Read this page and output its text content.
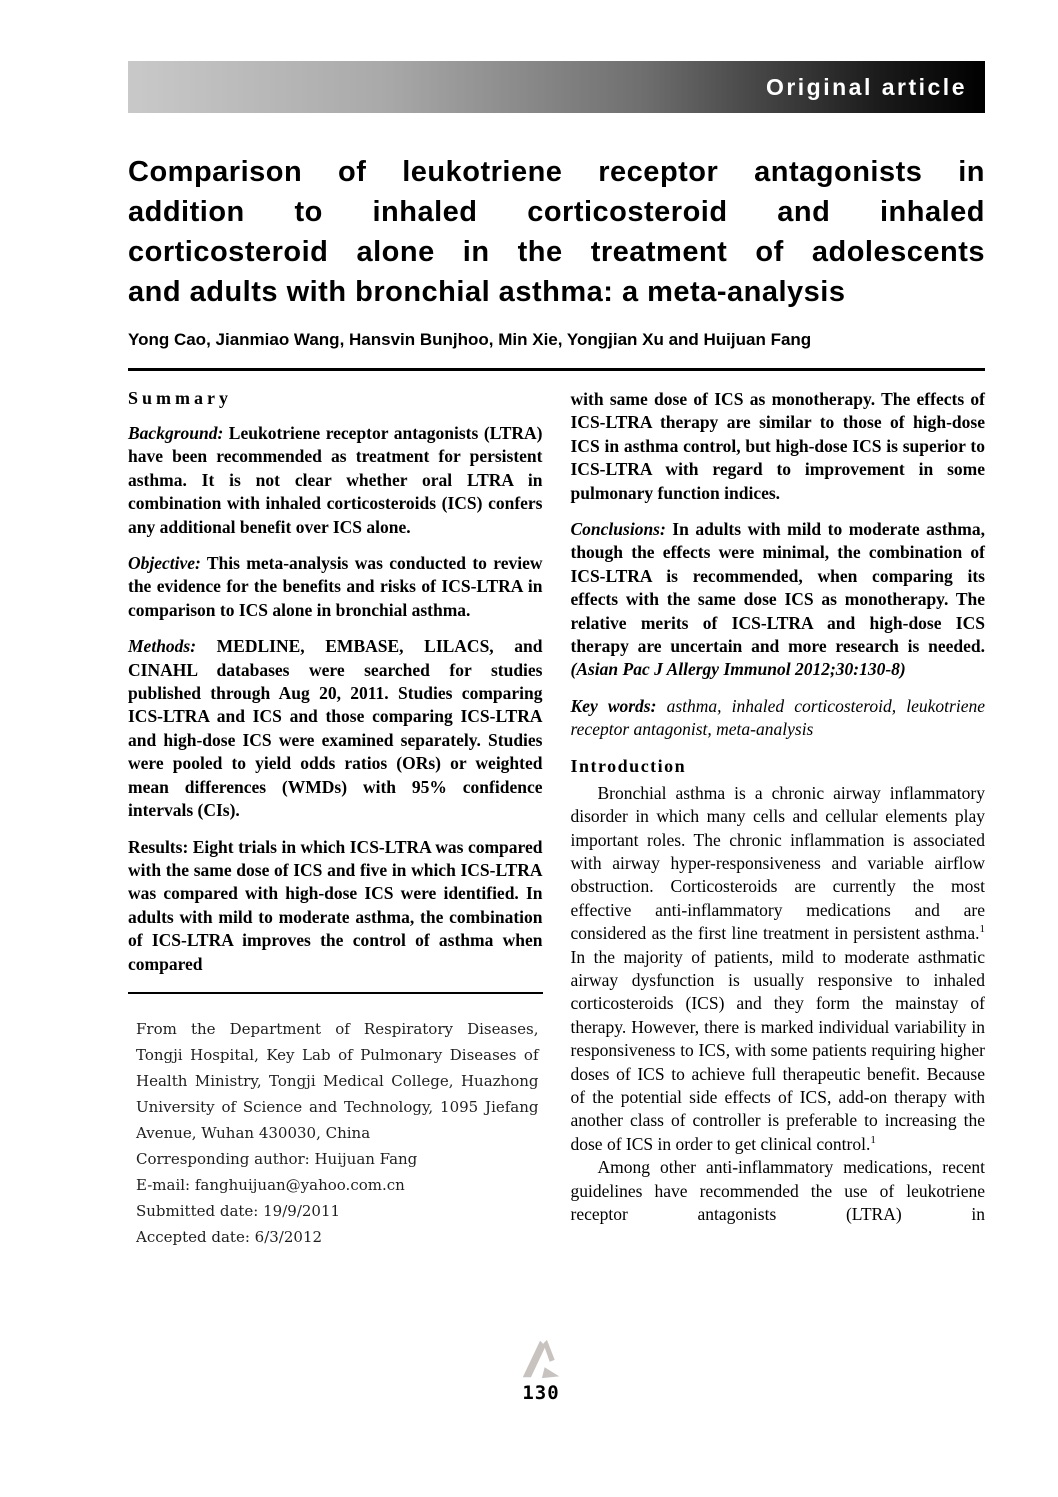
Original article
Comparison of leukotriene receptor antagonists in
addition to inhaled corticosteroid and inhaled
corticosteroid alone in the treatment of adolescents
and adults with bronchial asthma: a meta-analysis
Yong Cao, Jianmiao Wang, Hansvin Bunjhoo, Min Xie, Yongjian Xu and Huijuan Fang
Summary

Background: Leukotriene receptor antagonists (LTRA) have been recommended as treatment for persistent asthma. It is not clear whether oral LTRA in combination with inhaled corticosteroids (ICS) confers any additional benefit over ICS alone.

Objective: This meta-analysis was conducted to review the evidence for the benefits and risks of ICS-LTRA in comparison to ICS alone in bronchial asthma.

Methods: MEDLINE, EMBASE, LILACS, and CINAHL databases were searched for studies published through Aug 20, 2011. Studies comparing ICS-LTRA and ICS and those comparing ICS-LTRA and high-dose ICS were examined separately. Studies were pooled to yield odds ratios (ORs) or weighted mean differences (WMDs) with 95% confidence intervals (CIs).

Results: Eight trials in which ICS-LTRA was compared with the same dose of ICS and five in which ICS-LTRA was compared with high-dose ICS were identified. In adults with mild to moderate asthma, the combination of ICS-LTRA improves the control of asthma when compared

From the Department of Respiratory Diseases, Tongji Hospital, Key Lab of Pulmonary Diseases of Health Ministry, Tongji Medical College, Huazhong University of Science and Technology, 1095 Jiefang Avenue, Wuhan 430030, China

Corresponding author: Huijuan Fang

E-mail: fanghuijuan@yahoo.com.cn

Submitted date: 19/9/2011

Accepted date: 6/3/2012

with same dose of ICS as monotherapy. The effects of ICS-LTRA therapy are similar to those of high-dose ICS in asthma control, but high-dose ICS is superior to ICS-LTRA with regard to improvement in some pulmonary function indices.

Conclusions: In adults with mild to moderate asthma, though the effects were minimal, the combination of ICS-LTRA is recommended, when comparing its effects with the same dose ICS as monotherapy. The relative merits of ICS-LTRA and high-dose ICS therapy are uncertain and more research is needed. (Asian Pac J Allergy Immunol 2012;30:130-8)

Key words: asthma, inhaled corticosteroid, leukotriene receptor antagonist, meta-analysis

Introduction

Bronchial asthma is a chronic airway inflammatory disorder in which many cells and cellular elements play important roles. The chronic inflammation is associated with airway hyper-responsiveness and variable airflow obstruction. Corticosteroids are currently the most effective anti-inflammatory medications and are considered as the first line treatment in persistent asthma.$^1$ In the majority of patients, mild to moderate asthmatic airway dysfunction is usually responsive to inhaled corticosteroids (ICS) and they form the mainstay of therapy. However, there is marked individual variability in responsiveness to ICS, with some patients requiring higher doses of ICS to achieve full therapeutic benefit. Because of the potential side effects of ICS, add-on therapy with another class of controller is preferable to increasing the dose of ICS in order to get clinical control.$^1$

Among other anti-inflammatory medications, recent guidelines have recommended the use of leukotriene receptor antagonists (LTRA) in

130
